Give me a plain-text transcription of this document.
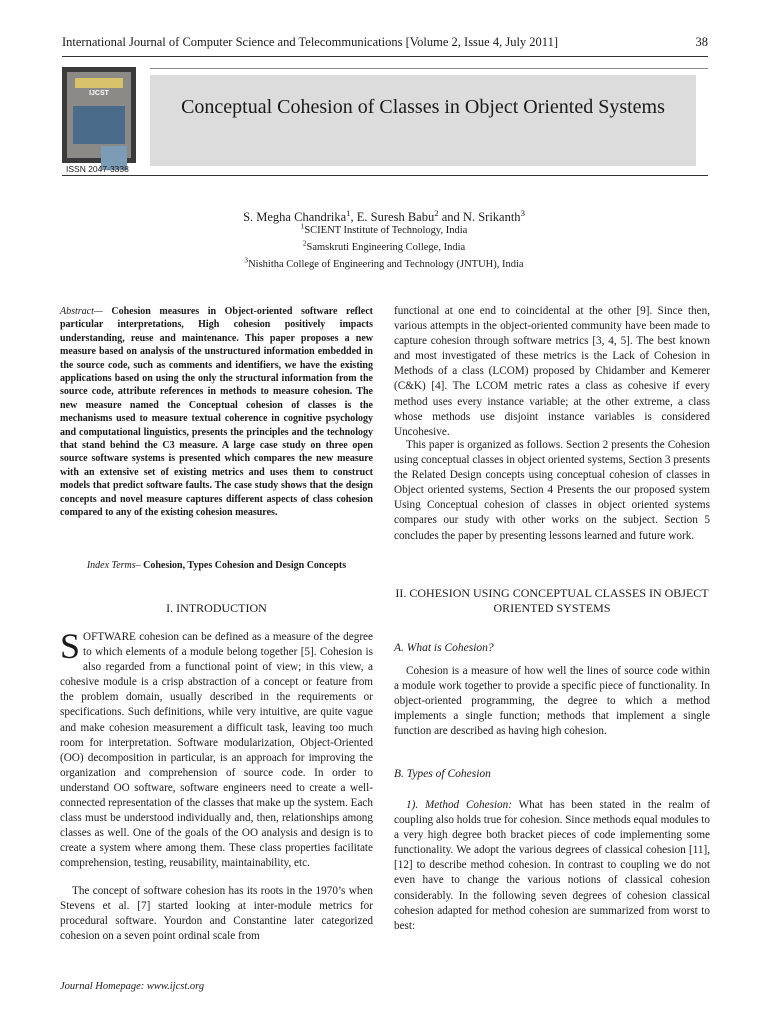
International Journal of Computer Science and Telecommunications [Volume 2, Issue 4, July 2011]	38
IJCST
ISSN 2047-3338
Conceptual Cohesion of Classes in Object Oriented Systems
S. Megha Chandrika$^1$, E. Suresh Babu$^2$ and N. Srikanth$^3$
$^1$SCIENT Institute of Technology, India
$^2$Samskruti Engineering College, India
$^3$Nishitha College of Engineering and Technology (JNTUH), India
Abstract— Cohesion measures in Object-oriented software reflect particular interpretations, High cohesion positively impacts understanding, reuse and maintenance. This paper proposes a new measure based on analysis of the unstructured information embedded in the source code, such as comments and identifiers, we have the existing applications based on using the only the structural information from the source code, attribute references in methods to measure cohesion. The new measure named the Conceptual cohesion of classes is the mechanisms used to measure textual coherence in cognitive psychology and computational linguistics, presents the principles and the technology that stand behind the C3 measure. A large case study on three open source software systems is presented which compares the new measure with an extensive set of existing metrics and uses them to construct models that predict software faults. The case study shows that the design concepts and novel measure captures different aspects of class cohesion compared to any of the existing cohesion measures.
Index Terms– Cohesion, Types Cohesion and Design Concepts
I. INTRODUCTION
SOFTWARE cohesion can be defined as a measure of the degree to which elements of a module belong together [5]. Cohesion is also regarded from a functional point of view; in this view, a cohesive module is a crisp abstraction of a concept or feature from the problem domain, usually described in the requirements or specifications. Such definitions, while very intuitive, are quite vague and make cohesion measurement a difficult task, leaving too much room for interpretation. Software modularization, Object-Oriented (OO) decomposition in particular, is an approach for improving the organization and comprehension of source code. In order to understand OO software, software engineers need to create a well-connected representation of the classes that make up the system. Each class must be understood individually and, then, relationships among classes as well. One of the goals of the OO analysis and design is to create a system where among them. These class properties facilitate comprehension, testing, reusability, maintainability, etc.
The concept of software cohesion has its roots in the 1970’s when Stevens et al. [7] started looking at inter-module metrics for procedural software. Yourdon and Constantine later categorized cohesion on a seven point ordinal scale from
functional at one end to coincidental at the other [9]. Since then, various attempts in the object-oriented community have been made to capture cohesion through software metrics [3, 4, 5]. The best known and most investigated of these metrics is the Lack of Cohesion in Methods of a class (LCOM) proposed by Chidamber and Kemerer (C&K) [4]. The LCOM metric rates a class as cohesive if every method uses every instance variable; at the other extreme, a class whose methods use disjoint instance variables is considered Uncohesive.
This paper is organized as follows. Section 2 presents the Cohesion using conceptual classes in object oriented systems, Section 3 presents the Related Design concepts using conceptual cohesion of classes in Object oriented systems, Section 4 Presents the our proposed system Using Conceptual cohesion of classes in object oriented systems compares our study with other works on the subject. Section 5 concludes the paper by presenting lessons learned and future work.
II. COHESION USING CONCEPTUAL CLASSES IN OBJECT ORIENTED SYSTEMS
A. What is Cohesion?
Cohesion is a measure of how well the lines of source code within a module work together to provide a specific piece of functionality. In object-oriented programming, the degree to which a method implements a single function; methods that implement a single function are described as having high cohesion.
B. Types of Cohesion
1). Method Cohesion: What has been stated in the realm of coupling also holds true for cohesion. Since methods equal modules to a very high degree both bracket pieces of code implementing some functionality. We adopt the various degrees of classical cohesion [11], [12] to describe method cohesion. In contrast to coupling we do not even have to change the various notions of classical cohesion considerably. In the following seven degrees of cohesion classical cohesion adapted for method cohesion are summarized from worst to best:
Journal Homepage: www.ijcst.org
